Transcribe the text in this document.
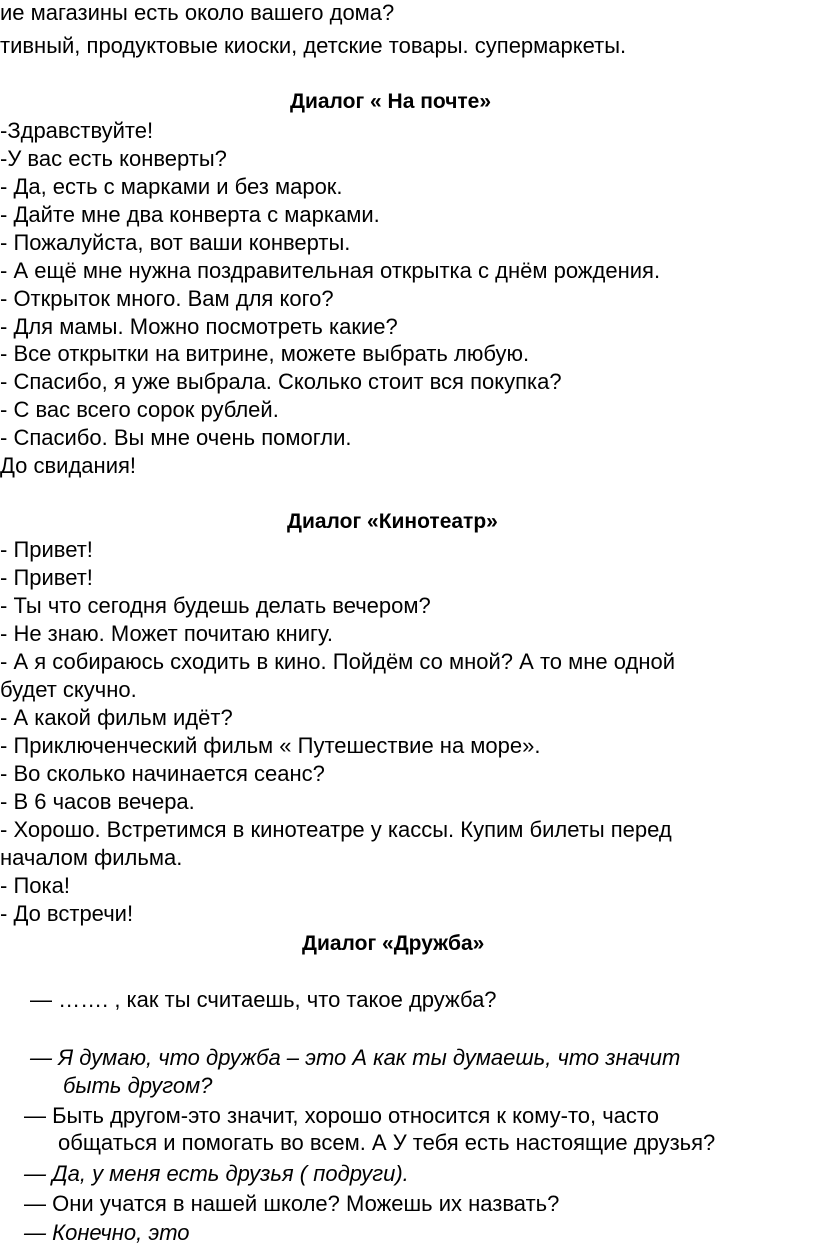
ие магазины есть около вашего дома?

тивный, продуктовые киоски, детские товары. супермаркеты.

Диалог « На почте»

-Здравствуйте!

-У вас есть конверты?

- Да, есть с марками и без марок.

- Дайте мне два конверта с марками.

- Пожалуйста, вот ваши конверты.

- А ещё мне нужна поздравительная открытка с днём рождения.

- Открыток много. Вам для кого?

- Для мамы. Можно посмотреть какие?

- Все открытки на витрине, можете выбрать любую.

- Спасибо, я уже выбрала. Сколько стоит вся покупка?

- С вас всего сорок рублей.

- Спасибо. Вы мне очень помогли.

До свидания!

Диалог «Кинотеатр»

- Привет!

- Привет!

- Ты что сегодня будешь делать вечером?

- Не знаю. Может почитаю книгу.

- А я собираюсь сходить в кино. Пойдём со мной? А то мне одной

будет скучно.

- А какой фильм идёт?

- Приключенческий фильм « Путешествие на море».

- Во сколько начинается сеанс?

- В 6 часов вечера.

- Хорошо. Встретимся в кинотеатре у кассы. Купим билеты перед

началом фильма.

- Пока!

- До встречи!

Диалог «Дружба»

— ……. , как ты считаешь, что такое дружба?

— Я думаю, что дружба – это А как ты думаешь, что значит

быть другом?

— Быть другом-это значит, хорошо относится к кому-то, часто

общаться и помогать во всем. А У тебя есть настоящие друзья?

— Да, у меня есть друзья ( подруги).

— Они учатся в нашей школе? Можешь их назвать?

— Конечно, это
